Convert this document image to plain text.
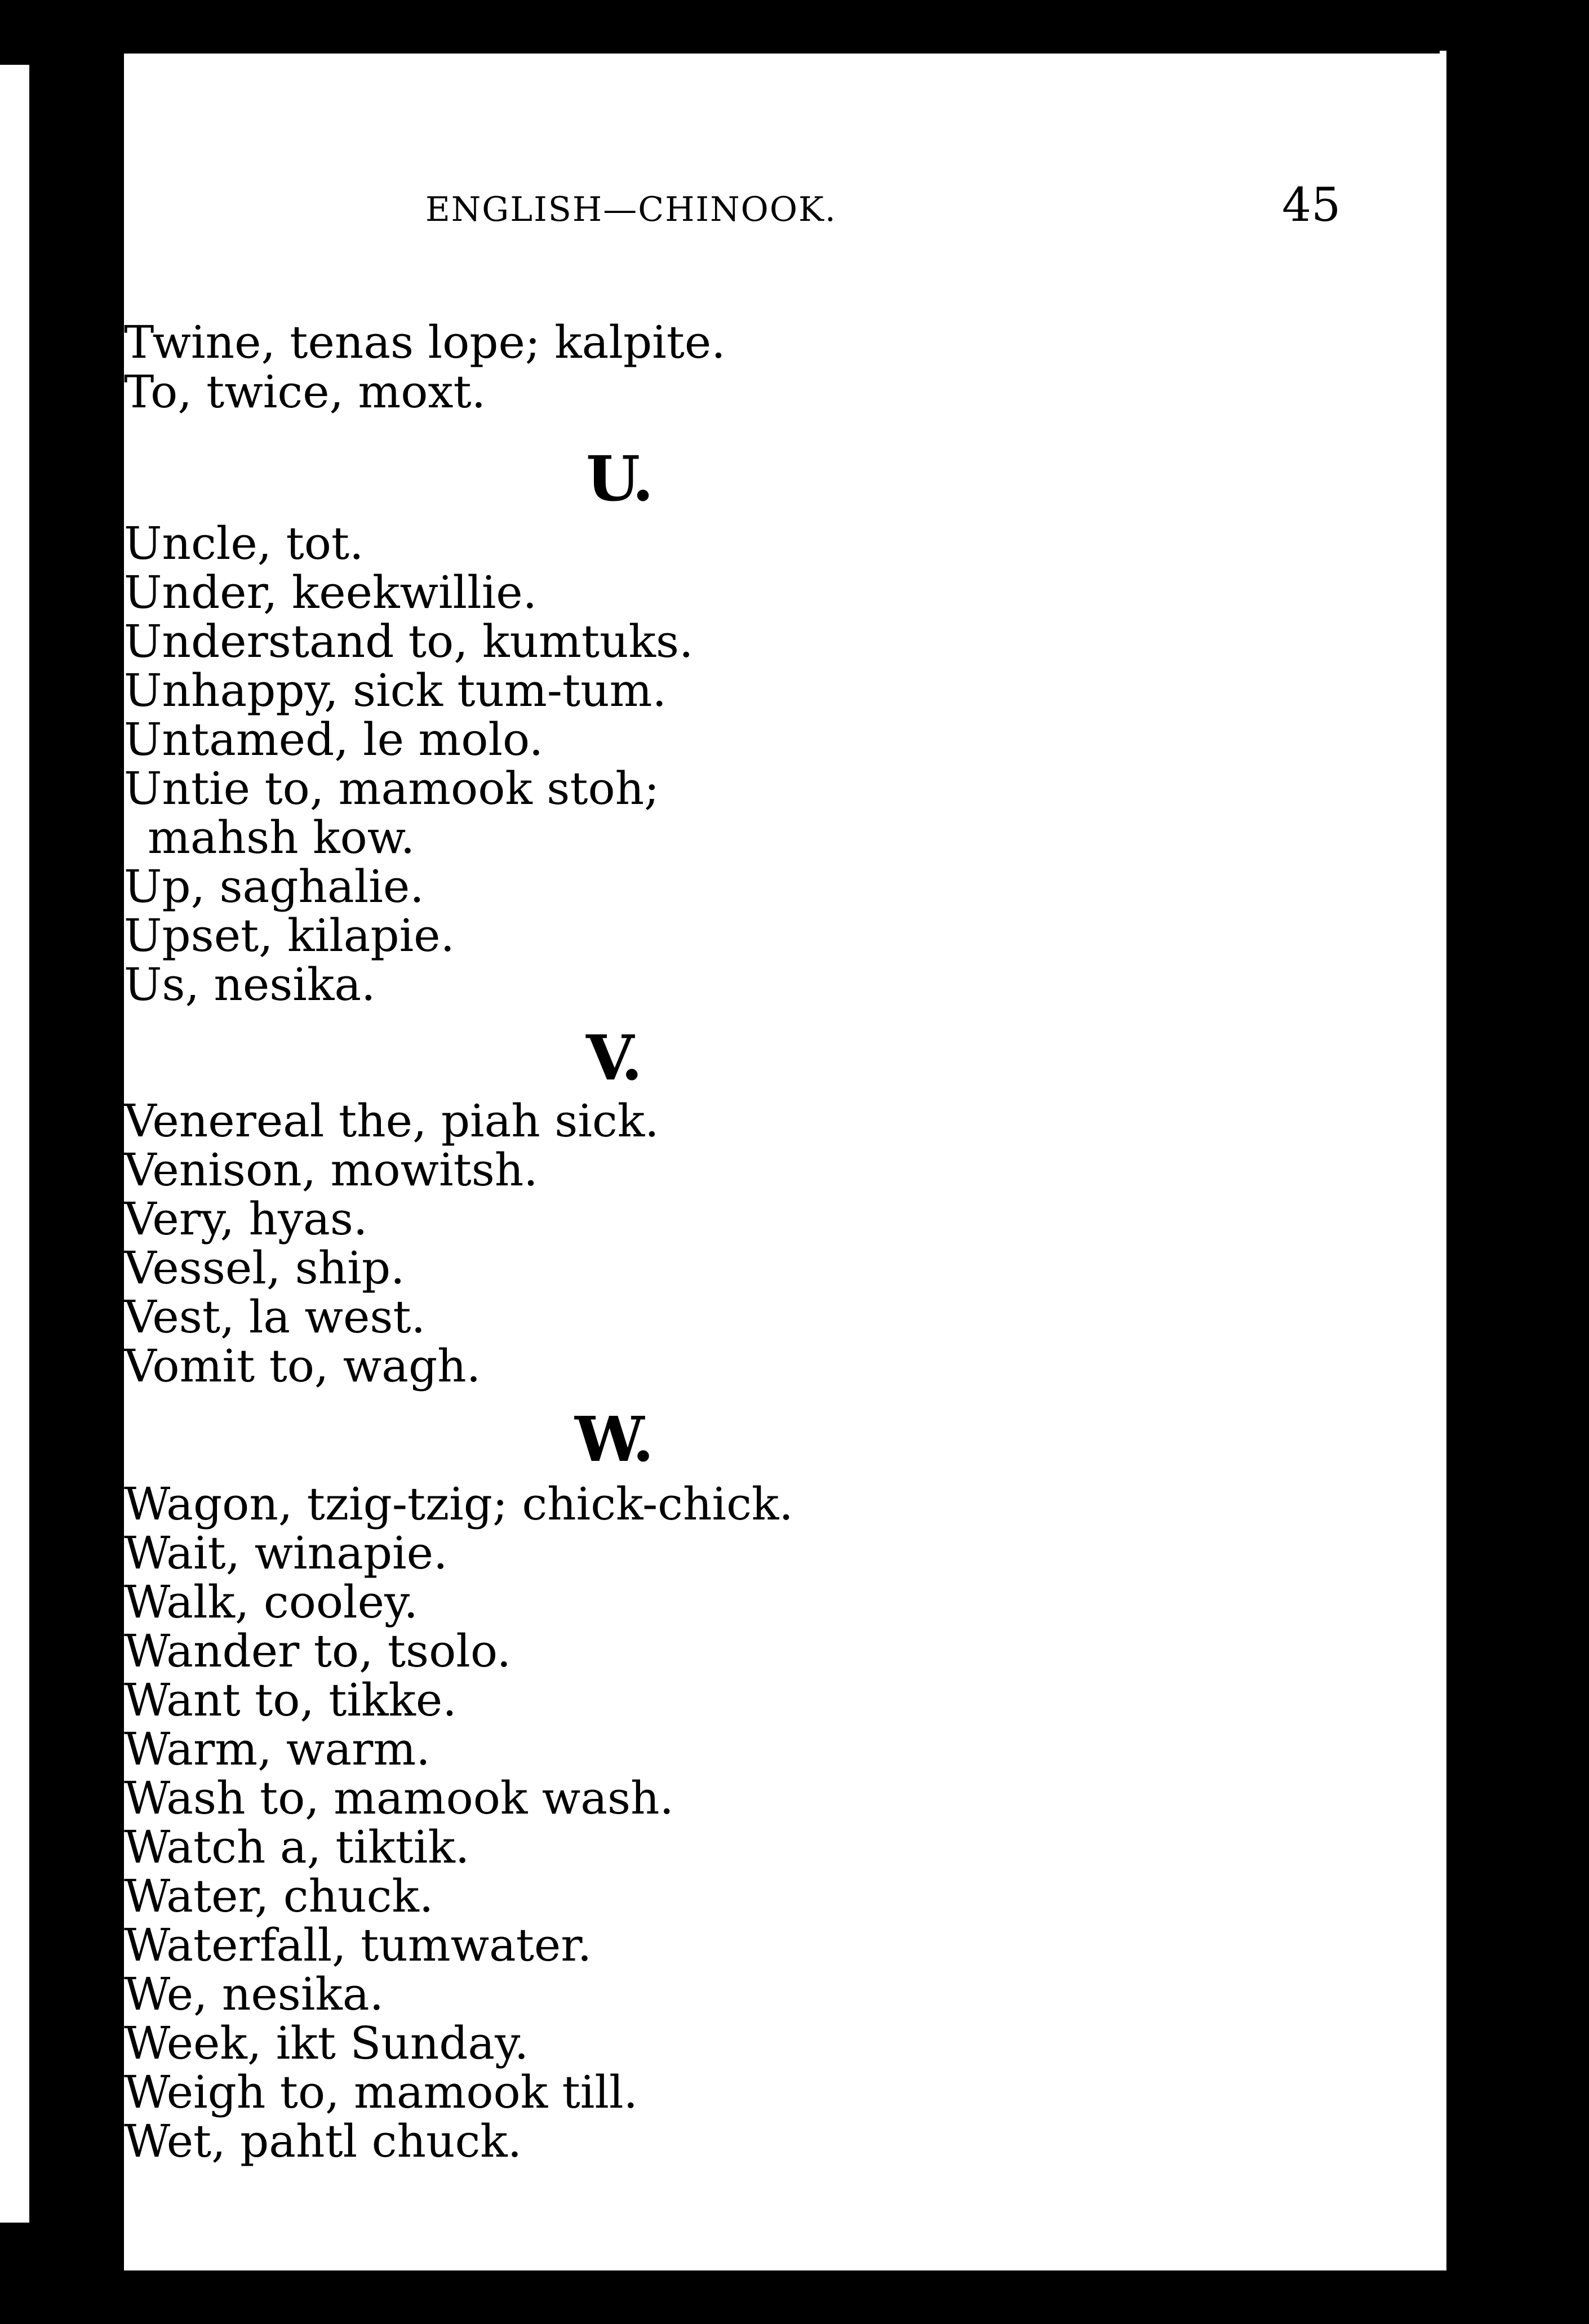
ENGLISH—CHINOOK.	45

Twine, tenas lope; kalpite.

To, twice, moxt.

U.

Uncle, tot.

Under, keekwillie.

Understand to, kumtuks.

Unhappy, sick tum-tum.

Untamed, le molo.

Untie to, mamook stoh;

mahsh kow.

Up, saghalie.

Upset, kilapie.

Us, nesika.

V.

Venereal the, piah sick.

Venison, mowitsh.

Very, hyas.

Vessel, ship.

Vest, la west.

Vomit to, wagh.

W.

Wagon, tzig-tzig; chick-chick.

Wait, winapie.

Walk, cooley.

Wander to, tsolo.

Want to, tikke.

Warm, warm.

Wash to, mamook wash.

Watch a, tiktik.

Water, chuck.

Waterfall, tumwater.

We, nesika.

Week, ikt Sunday.

Weigh to, mamook till.

Wet, pahtl chuck.
